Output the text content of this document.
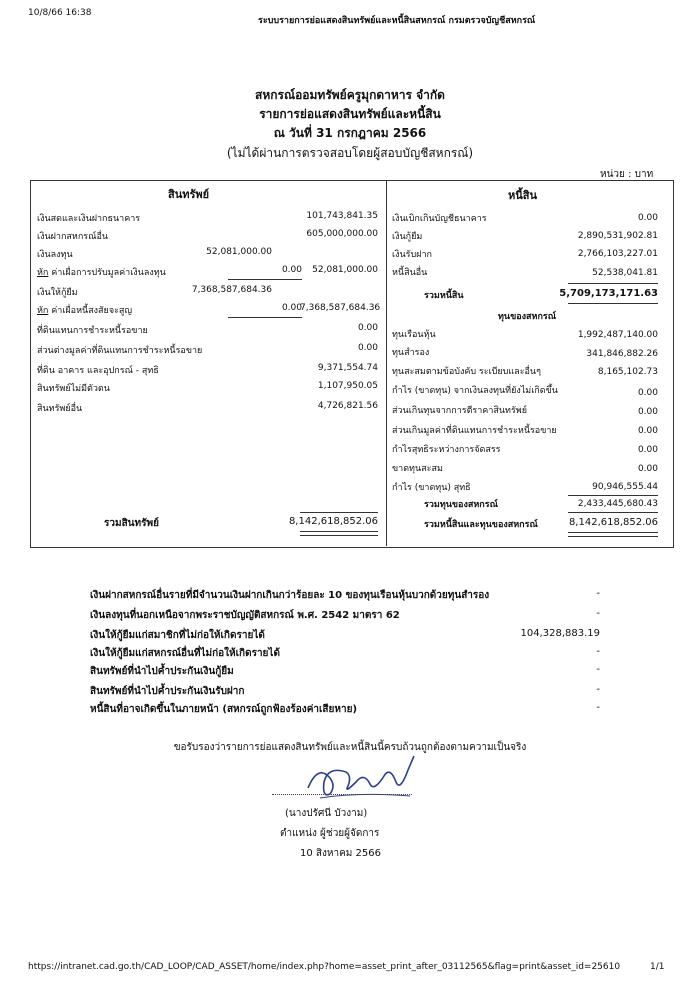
10/8/66 16:38
ระบบรายการย่อแสดงสินทรัพย์และหนี้สินสหกรณ์ กรมตรวจบัญชีสหกรณ์
สหกรณ์ออมทรัพย์ครูมุกดาหาร จำกัด
รายการย่อแสดงสินทรัพย์และหนี้สิน
ณ วันที่ 31 กรกฎาคม 2566
(ไม่ได้ผ่านการตรวจสอบโดยผู้สอบบัญชีสหกรณ์)
หน่วย : บาท
สินทรัพย์	หนี้สิน
เงินสดและเงินฝากธนาคาร	101,743,841.35
เงินฝากสหกรณ์อื่น	605,000,000.00
เงินลงทุน	52,081,000.00
หัก ค่าเผื่อการปรับมูลค่าเงินลงทุน	0.00	52,081,000.00
เงินให้กู้ยืม	7,368,587,684.36
หัก ค่าเผื่อหนี้สงสัยจะสูญ	0.00
7,368,587,684.36
ที่ดินแทนการชำระหนี้รอขาย	0.00
ส่วนต่างมูลค่าที่ดินแทนการชำระหนี้รอขาย	0.00
ที่ดิน อาคาร และอุปกรณ์ - สุทธิ	9,371,554.74
สินทรัพย์ไม่มีตัวตน	1,107,950.05
สินทรัพย์อื่น	4,726,821.56
รวมสินทรัพย์	8,142,618,852.06
เงินเบิกเกินบัญชีธนาคาร	0.00
เงินกู้ยืม	2,890,531,902.81
เงินรับฝาก	2,766,103,227.01
หนี้สินอื่น	52,538,041.81
รวมหนี้สิน	5,709,173,171.63
ทุนของสหกรณ์
ทุนเรือนหุ้น	1,992,487,140.00
ทุนสำรอง	341,846,882.26
ทุนสะสมตามข้อบังคับ ระเบียบและอื่นๆ	8,165,102.73
กำไร (ขาดทุน) จากเงินลงทุนที่ยังไม่เกิดขึ้น	0.00
ส่วนเกินทุนจากการตีราคาสินทรัพย์	0.00
ส่วนเกินมูลค่าที่ดินแทนการชำระหนี้รอขาย	0.00
กำไรสุทธิระหว่างการจัดสรร	0.00
ขาดทุนสะสม	0.00
กำไร (ขาดทุน) สุทธิ	90,946,555.44
รวมทุนของสหกรณ์	2,433,445,680.43
รวมหนี้สินและทุนของสหกรณ์	8,142,618,852.06
เงินฝากสหกรณ์อื่นรายที่มีจำนวนเงินฝากเกินกว่าร้อยละ 10 ของทุนเรือนหุ้นบวกด้วยทุนสำรอง	-
เงินลงทุนที่นอกเหนือจากพระราชบัญญัติสหกรณ์ พ.ศ. 2542 มาตรา 62	-
เงินให้กู้ยืมแก่สมาชิกที่ไม่ก่อให้เกิดรายได้	104,328,883.19
เงินให้กู้ยืมแก่สหกรณ์อื่นที่ไม่ก่อให้เกิดรายได้	-
สินทรัพย์ที่นำไปค้ำประกันเงินกู้ยืม	-
สินทรัพย์ที่นำไปค้ำประกันเงินรับฝาก	-
หนี้สินที่อาจเกิดขึ้นในภายหน้า (สหกรณ์ถูกฟ้องร้องค่าเสียหาย)	-
ขอรับรองว่ารายการย่อแสดงสินทรัพย์และหนี้สินนี้ครบถ้วนถูกต้องตามความเป็นจริง
(นางปรัศนี บัวงาม)
ตำแหน่ง ผู้ช่วยผู้จัดการ
10 สิงหาคม 2566
https://intranet.cad.go.th/CAD_LOOP/CAD_ASSET/home/index.php?home=asset_print_after_03112565&flag=print&asset_id=25610	1/1
